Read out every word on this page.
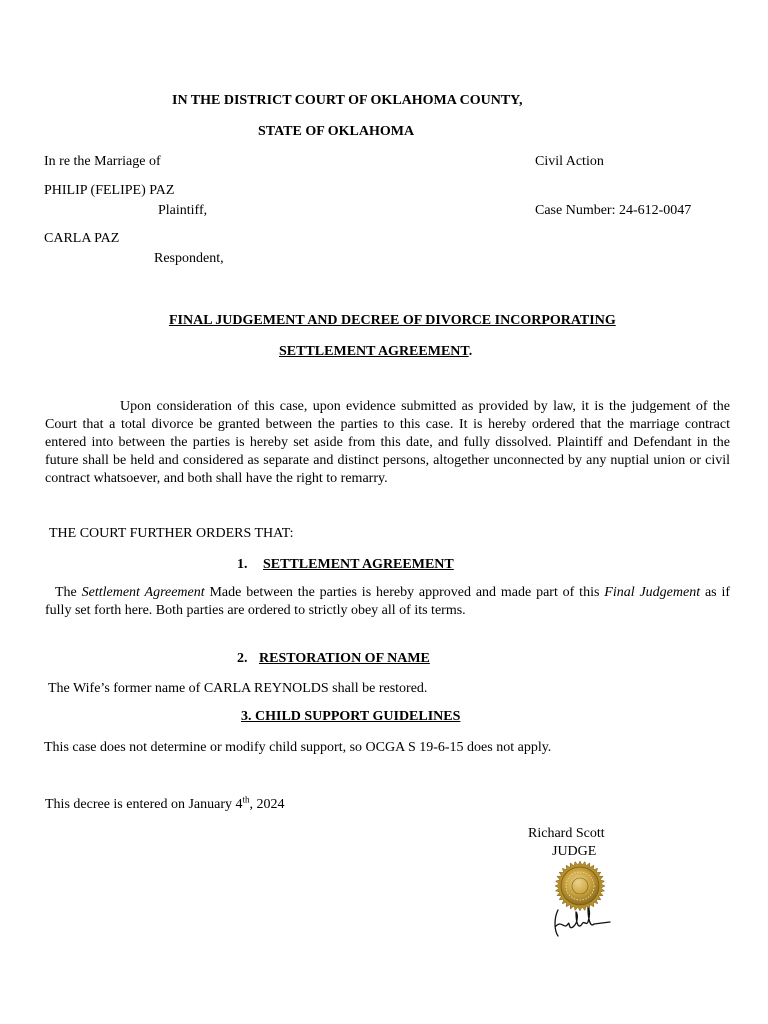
IN THE DISTRICT COURT OF OKLAHOMA COUNTY,
STATE OF OKLAHOMA
In re the Marriage of	Civil Action
PHILIP (FELIPE) PAZ
Plaintiff,	Case Number: 24-612-0047
CARLA PAZ
Respondent,
FINAL JUDGEMENT AND DECREE OF DIVORCE INCORPORATING
SETTLEMENT AGREEMENT.
Upon consideration of this case, upon evidence submitted as provided by law, it is the judgement of the Court that a total divorce be granted between the parties to this case. It is hereby ordered that the marriage contract entered into between the parties is hereby set aside from this date, and fully dissolved. Plaintiff and Defendant in the future shall be held and considered as separate and distinct persons, altogether unconnected by any nuptial union or civil contract whatsoever, and both shall have the right to remarry.
THE COURT FURTHER ORDERS THAT:
1. SETTLEMENT AGREEMENT
The Settlement Agreement Made between the parties is hereby approved and made part of this Final Judgement as if fully set forth here. Both parties are ordered to strictly obey all of its terms.
2. RESTORATION OF NAME
The Wife’s former name of CARLA REYNOLDS shall be restored.
3. CHILD SUPPORT GUIDELINES
This case does not determine or modify child support, so OCGA S 19-6-15 does not apply.
This decree is entered on January 4th, 2024
Richard Scott
JUDGE
